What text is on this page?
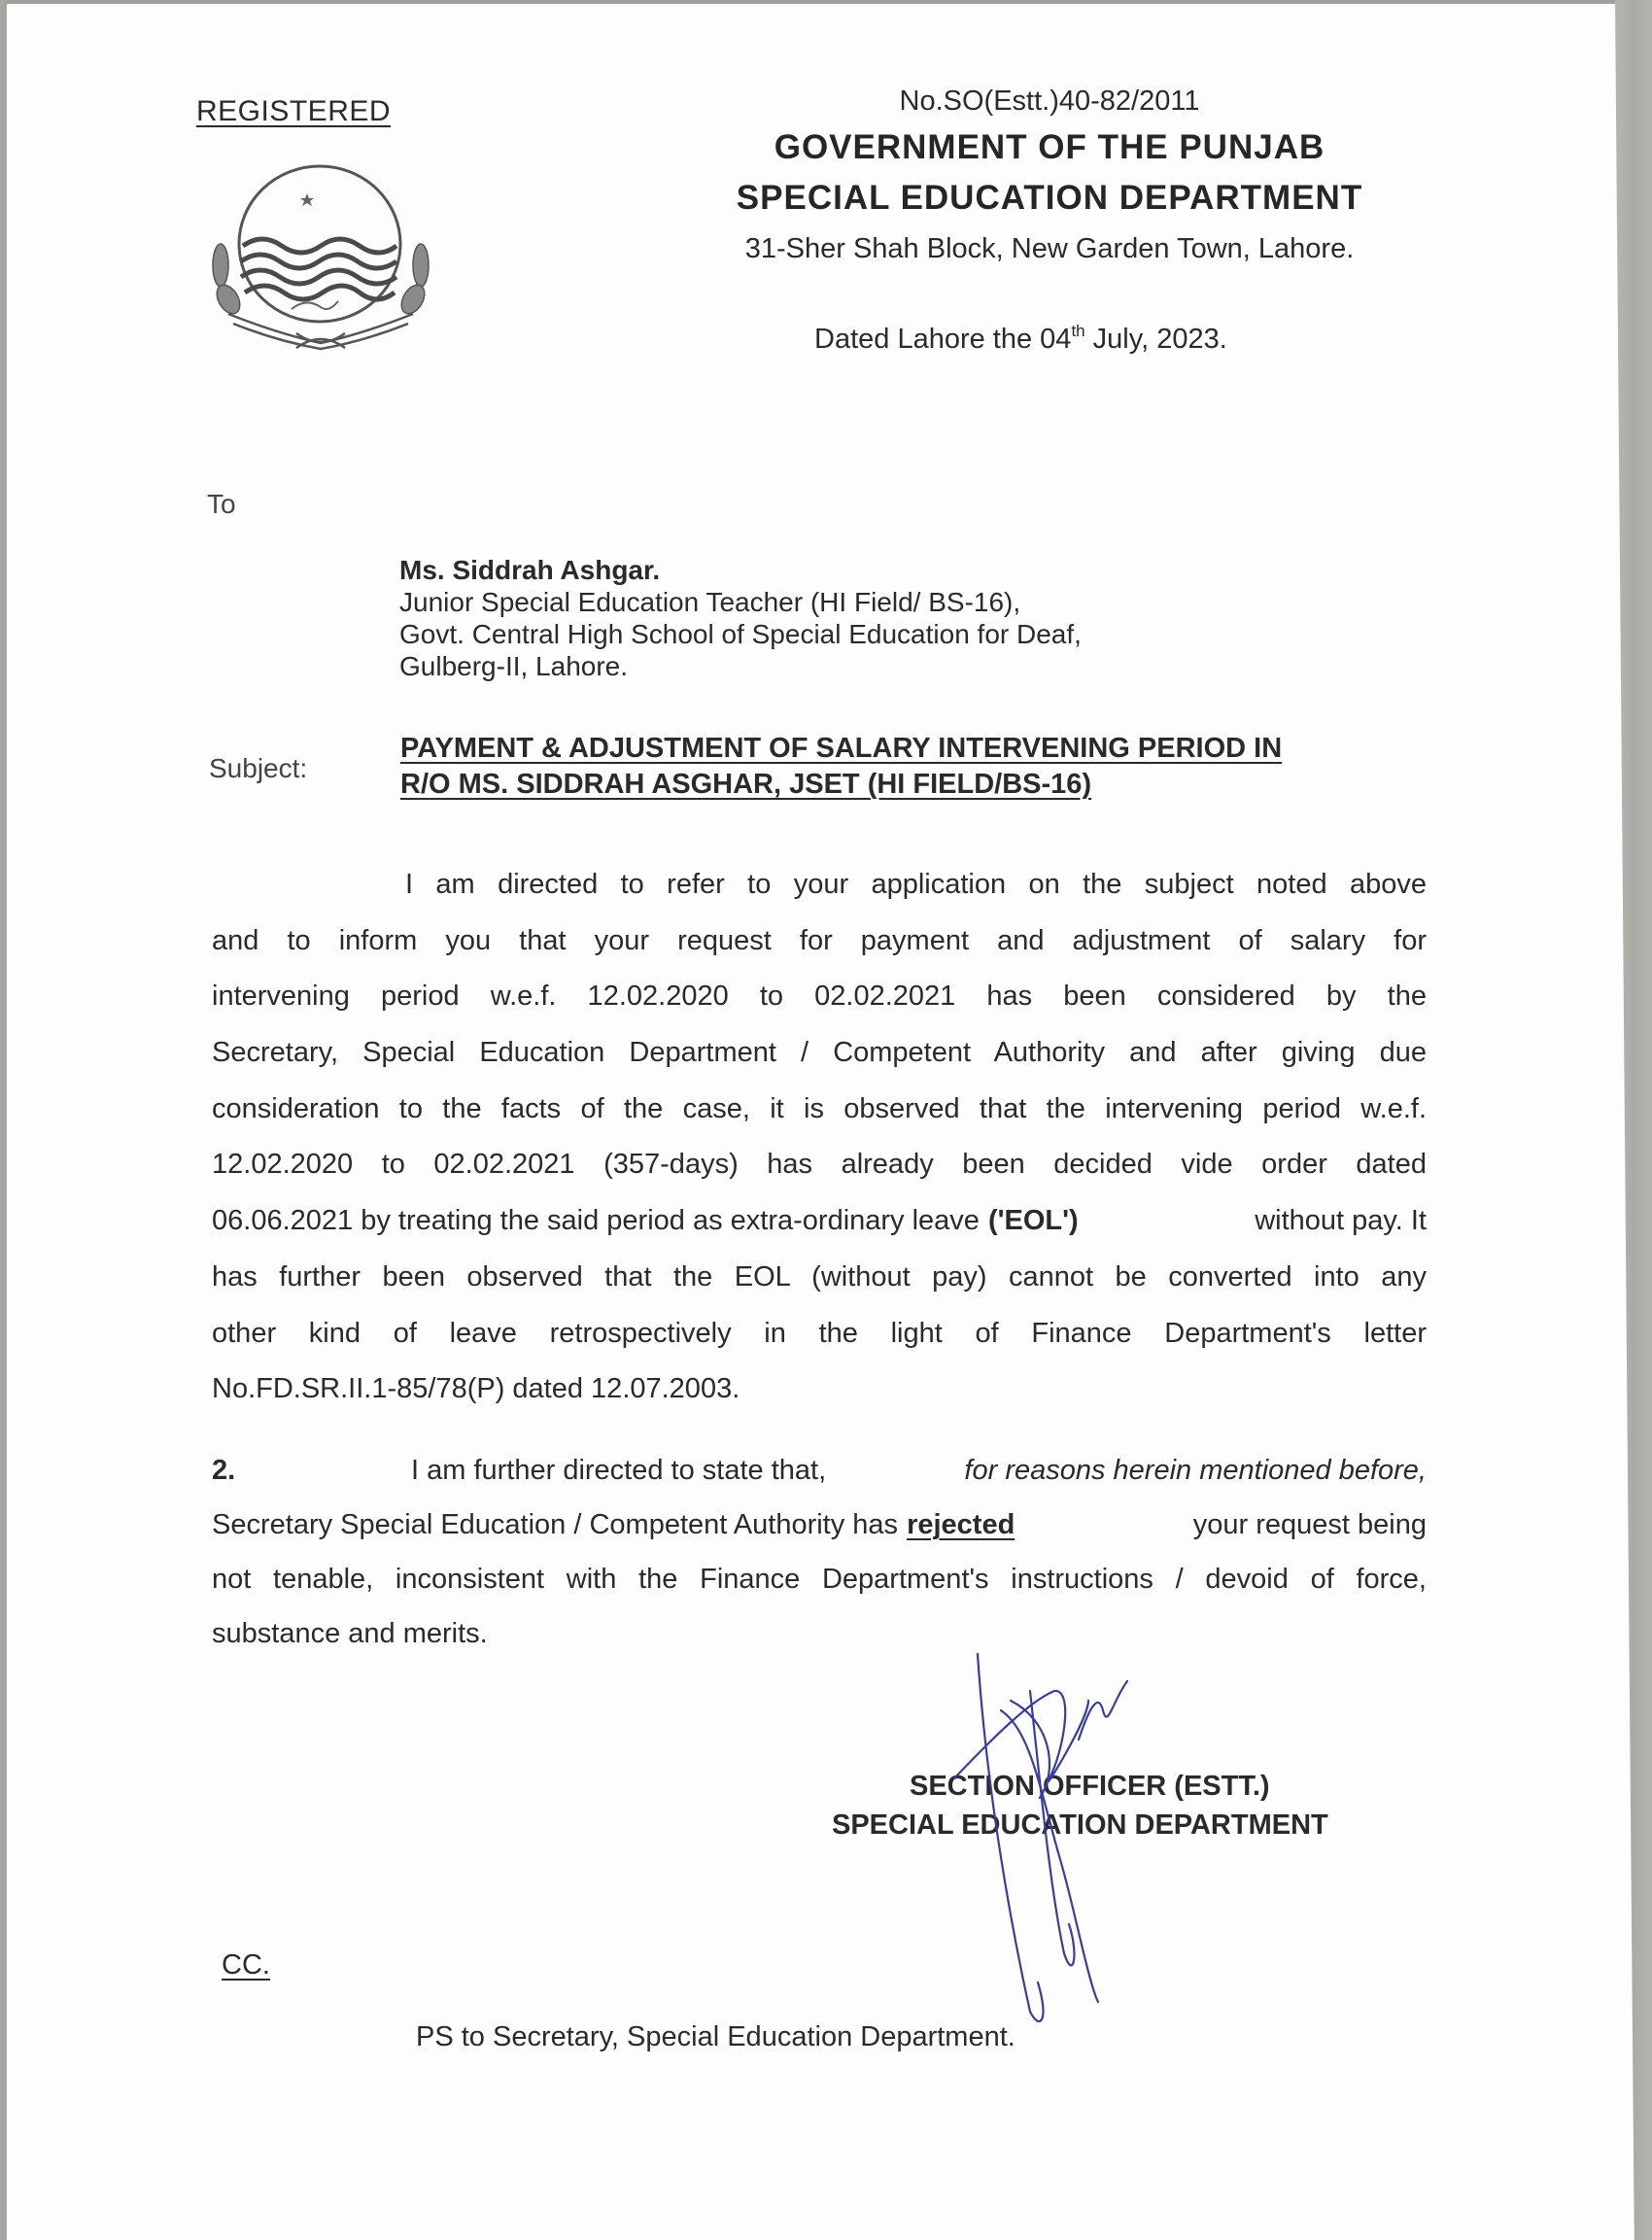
REGISTERED	No.SO(Estt.)40-82/2011
GOVERNMENT OF THE PUNJAB
SPECIAL EDUCATION DEPARTMENT
31-Sher Shah Block, New Garden Town, Lahore.
Dated Lahore the 04th July, 2023.
To
Ms. Siddrah Ashgar.
Junior Special Education Teacher (HI Field/ BS-16),
Govt. Central High School of Special Education for Deaf,
Gulberg-II, Lahore.
Subject:
PAYMENT & ADJUSTMENT OF SALARY INTERVENING PERIOD IN
R/O MS. SIDDRAH ASGHAR, JSET (HI FIELD/BS-16)
I am directed to refer to your application on the subject noted above
and to inform you that your request for payment and adjustment of salary for
intervening period w.e.f. 12.02.2020 to 02.02.2021 has been considered by the
Secretary, Special Education Department / Competent Authority and after giving due
consideration to the facts of the case, it is observed that the intervening period w.e.f.
12.02.2020 to 02.02.2021 (357-days) has already been decided vide order dated
06.06.2021 by treating the said period as extra-ordinary leave ('EOL')	without pay. It
has further been observed that the EOL (without pay) cannot be converted into any
other kind of leave retrospectively in the light of Finance Department's letter
No.FD.SR.II.1-85/78(P) dated 12.07.2003.
2.	I am further directed to state that,	for reasons herein mentioned before,
Secretary Special Education / Competent Authority has rejected	your request being
not tenable, inconsistent with the Finance Department's instructions / devoid of force,
substance and merits.
SECTION OFFICER (ESTT.)
SPECIAL EDUCATION DEPARTMENT
CC.
PS to Secretary, Special Education Department.
